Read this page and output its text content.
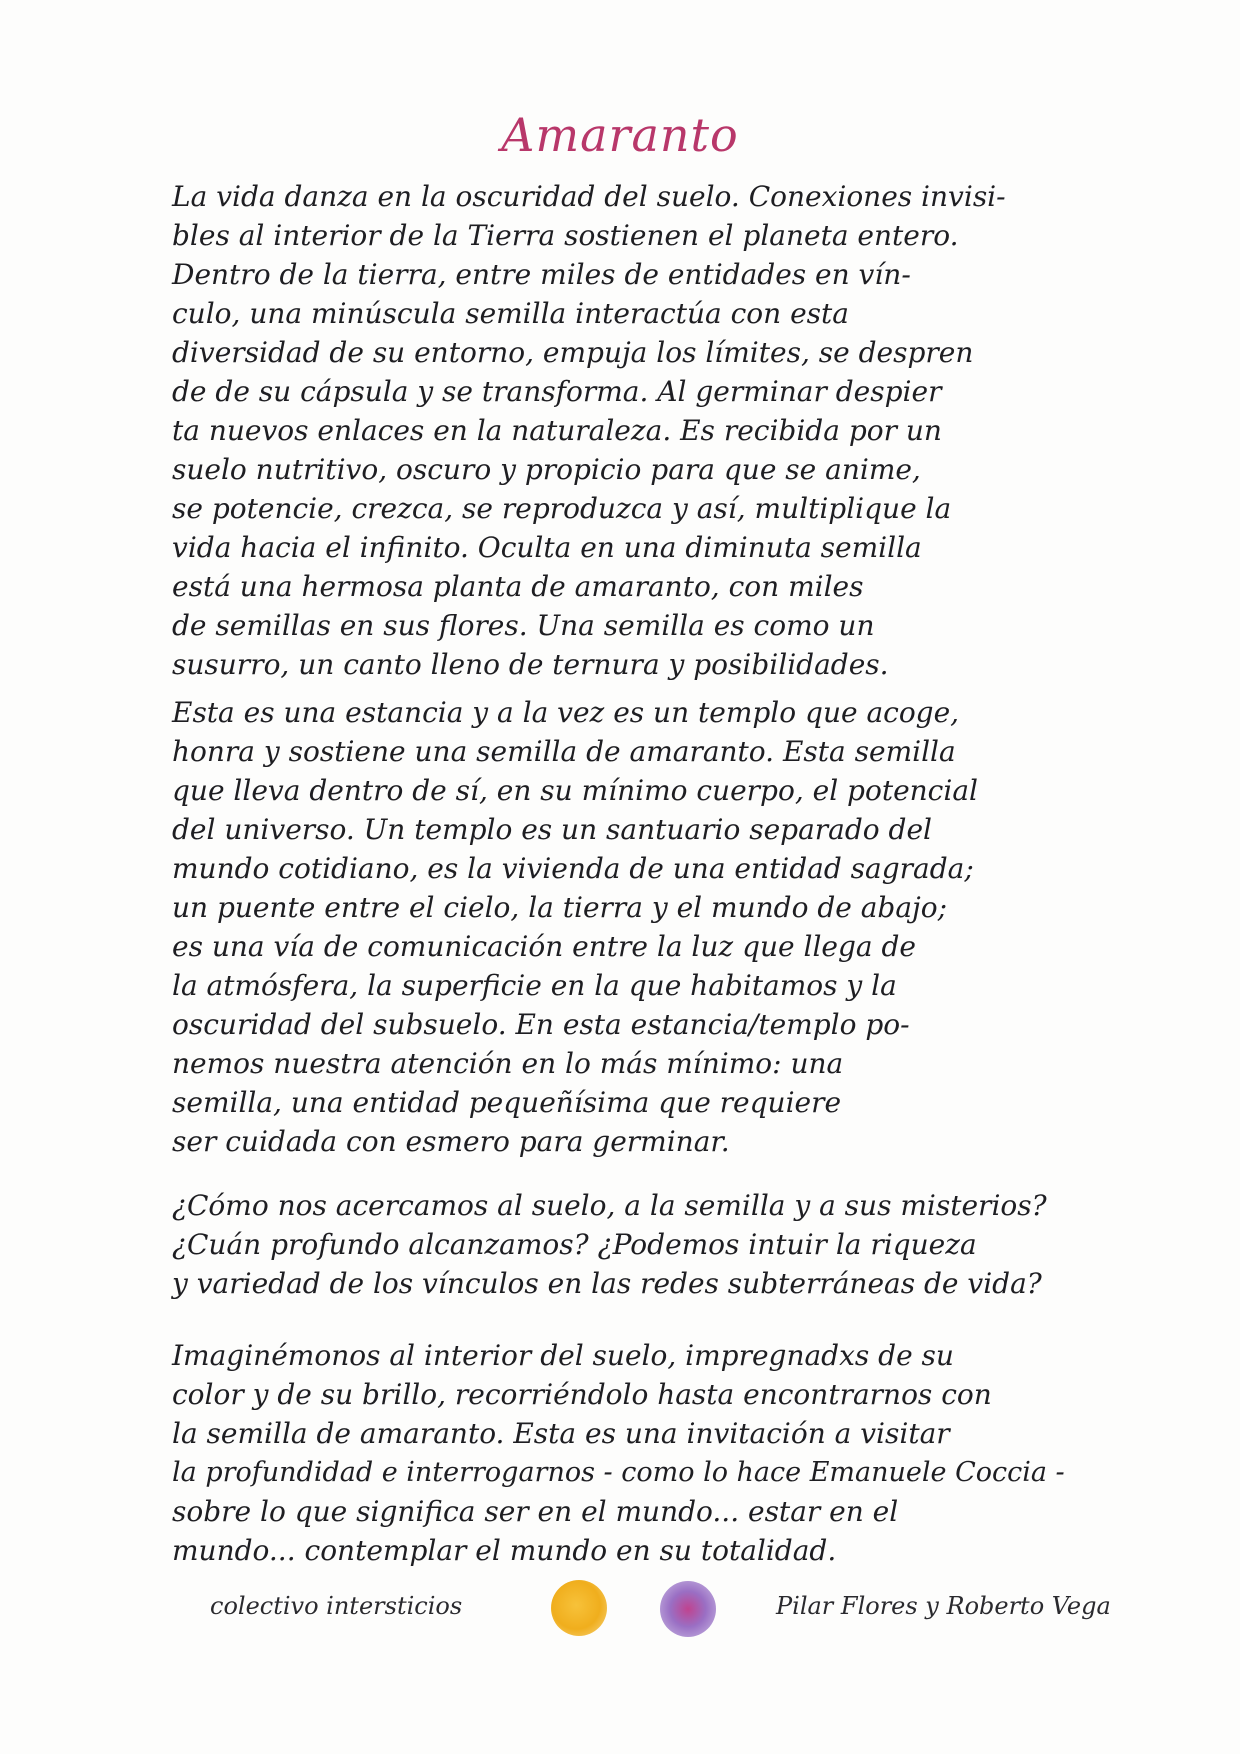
Amaranto
La vida danza en la oscuridad del suelo. Conexiones invisi-
bles al interior de la Tierra sostienen el planeta entero.
Dentro de la tierra, entre miles de entidades en vín-
culo, una minúscula semilla interactúa con esta
diversidad de su entorno, empuja los límites, se despren
de de su cápsula y se transforma. Al germinar despier
ta nuevos enlaces en la naturaleza. Es recibida por un
suelo nutritivo, oscuro y propicio para que se anime,
se potencie, crezca, se reproduzca y así, multiplique la
vida hacia el infinito. Oculta en una diminuta semilla
está una hermosa planta de amaranto, con miles
de semillas en sus flores. Una semilla es como un
susurro, un canto lleno de ternura y posibilidades.
Esta es una estancia y a la vez es un templo que acoge,
honra y sostiene una semilla de amaranto. Esta semilla
que lleva dentro de sí, en su mínimo cuerpo, el potencial
del universo. Un templo es un santuario separado del
mundo cotidiano, es la vivienda de una entidad sagrada;
un puente entre el cielo, la tierra y el mundo de abajo;
es una vía de comunicación entre la luz que llega de
la atmósfera, la superficie en la que habitamos y la
oscuridad del subsuelo. En esta estancia/templo po-
nemos nuestra atención en lo más mínimo: una
semilla, una entidad pequeñísima que requiere
ser cuidada con esmero para germinar.
¿Cómo nos acercamos al suelo, a la semilla y a sus misterios?
¿Cuán profundo alcanzamos? ¿Podemos intuir la riqueza
y variedad de los vínculos en las redes subterráneas de vida?
Imaginémonos al interior del suelo, impregnadxs de su
color y de su brillo, recorriéndolo hasta encontrarnos con
la semilla de amaranto. Esta es una invitación a visitar
la profundidad e interrogarnos - como lo hace Emanuele Coccia -
sobre lo que significa ser en el mundo... estar en el
mundo... contemplar el mundo en su totalidad.
colectivo intersticios	Pilar Flores y Roberto Vega
